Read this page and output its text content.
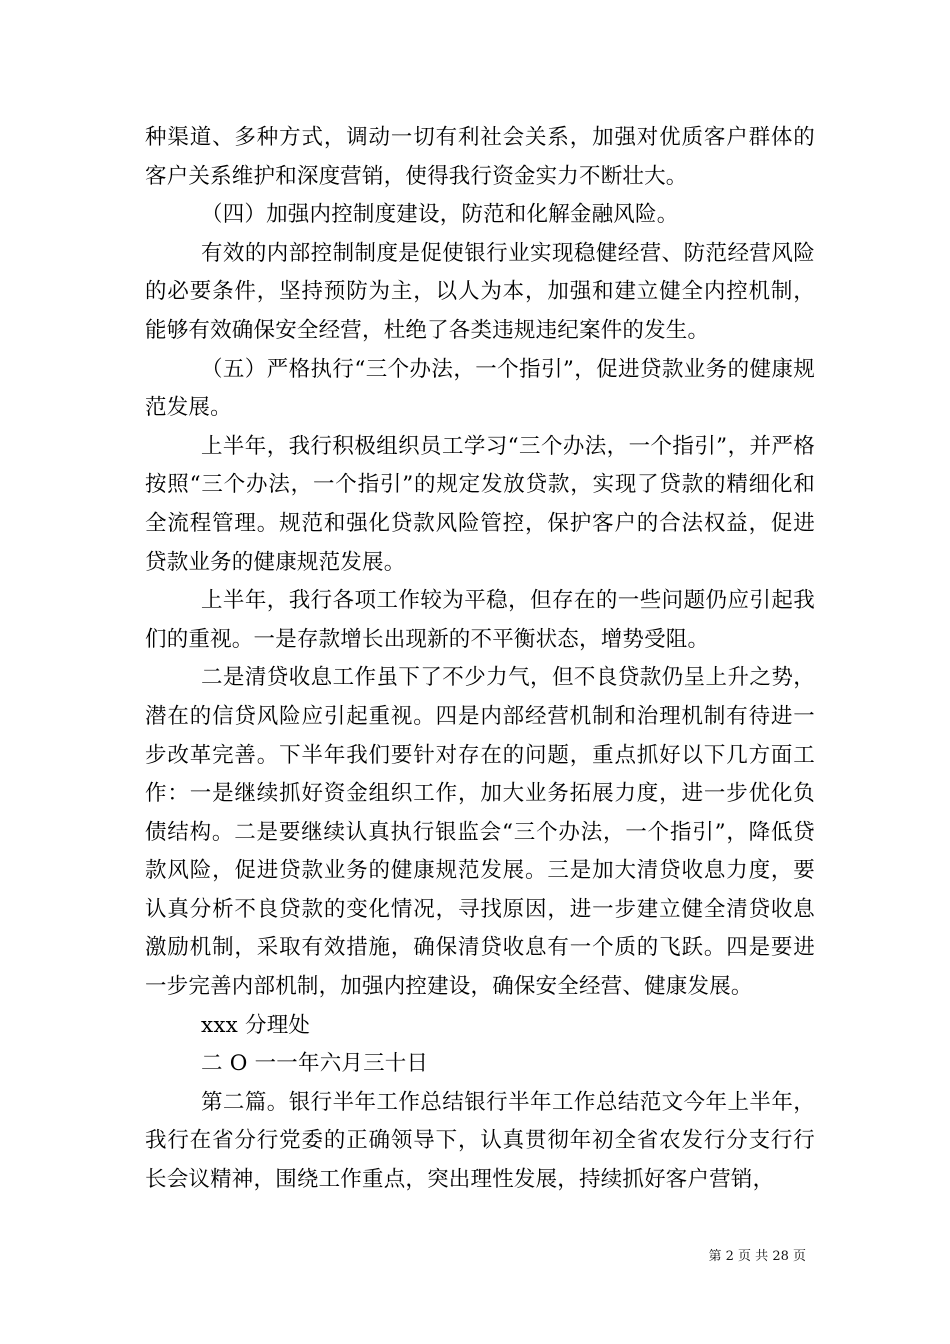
种渠道、多种方式，调动一切有利社会关系，加强对优质客户群体的客户关系维护和深度营销，使得我行资金实力不断壮大。

（四）加强内控制度建设，防范和化解金融风险。

有效的内部控制制度是促使银行业实现稳健经营、防范经营风险的必要条件，坚持预防为主，以人为本，加强和建立健全内控机制，能够有效确保安全经营，杜绝了各类违规违纪案件的发生。

（五）严格执行“三个办法，一个指引”，促进贷款业务的健康规范发展。

上半年，我行积极组织员工学习“三个办法，一个指引”，并严格按照“三个办法，一个指引”的规定发放贷款，实现了贷款的精细化和全流程管理。规范和强化贷款风险管控，保护客户的合法权益，促进贷款业务的健康规范发展。

上半年，我行各项工作较为平稳，但存在的一些问题仍应引起我们的重视。一是存款增长出现新的不平衡状态，增势受阻。

二是清贷收息工作虽下了不少力气，但不良贷款仍呈上升之势，潜在的信贷风险应引起重视。四是内部经营机制和治理机制有待进一步改革完善。下半年我们要针对存在的问题，重点抓好以下几方面工作：一是继续抓好资金组织工作，加大业务拓展力度，进一步优化负债结构。二是要继续认真执行银监会“三个办法，一个指引”，降低贷款风险，促进贷款业务的健康规范发展。三是加大清贷收息力度，要认真分析不良贷款的变化情况，寻找原因，进一步建立健全清贷收息激励机制，采取有效措施，确保清贷收息有一个质的飞跃。四是要进一步完善内部机制，加强内控建设，确保安全经营、健康发展。

xxx 分理处

二 O 一一年六月三十日

第二篇。银行半年工作总结银行半年工作总结范文今年上半年，我行在省分行党委的正确领导下，认真贯彻年初全省农发行分支行行长会议精神，围绕工作重点，突出理性发展，持续抓好客户营销，

第 2 页 共 28 页
